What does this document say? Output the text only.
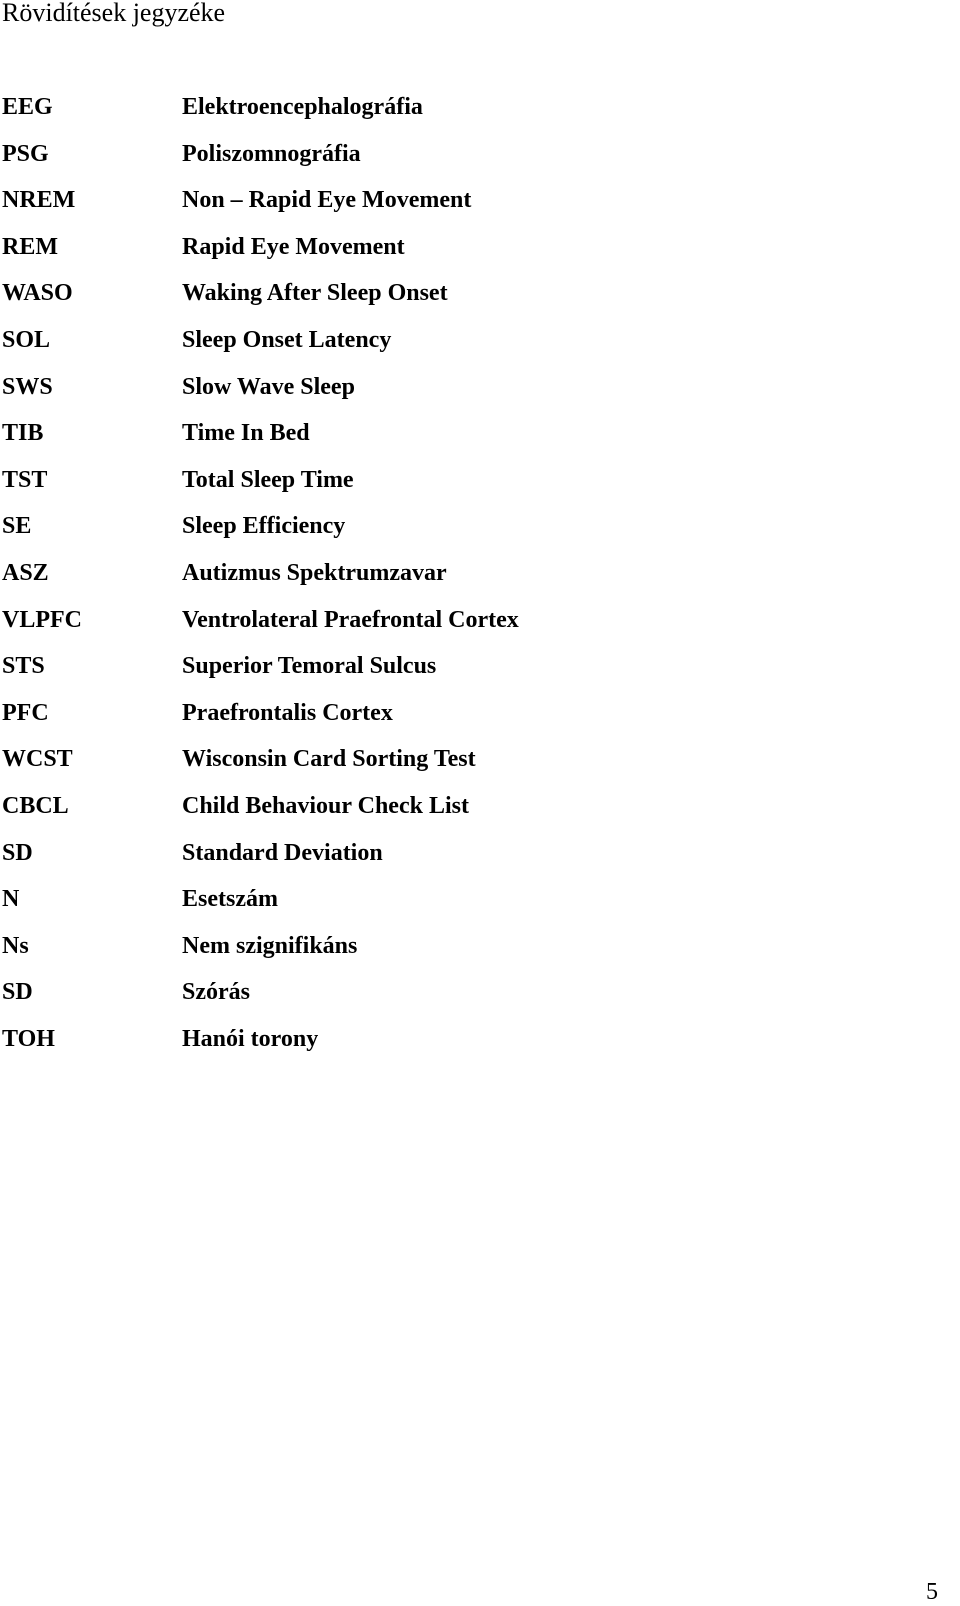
Rövidítések jegyzéke
EEG	Elektroencephalográfia
PSG	Poliszomnográfia
NREM	Non – Rapid Eye Movement
REM	Rapid Eye Movement
WASO	Waking After Sleep Onset
SOL	Sleep Onset Latency
SWS	Slow Wave Sleep
TIB	Time In Bed
TST	Total Sleep Time
SE	Sleep Efficiency
ASZ	Autizmus Spektrumzavar
VLPFC	Ventrolateral Praefrontal Cortex
STS	Superior Temoral Sulcus
PFC	Praefrontalis Cortex
WCST	Wisconsin Card Sorting Test
CBCL	Child Behaviour Check List
SD	Standard Deviation
N	Esetszám
Ns	Nem szignifikáns
SD	Szórás
TOH	Hanói torony
5
